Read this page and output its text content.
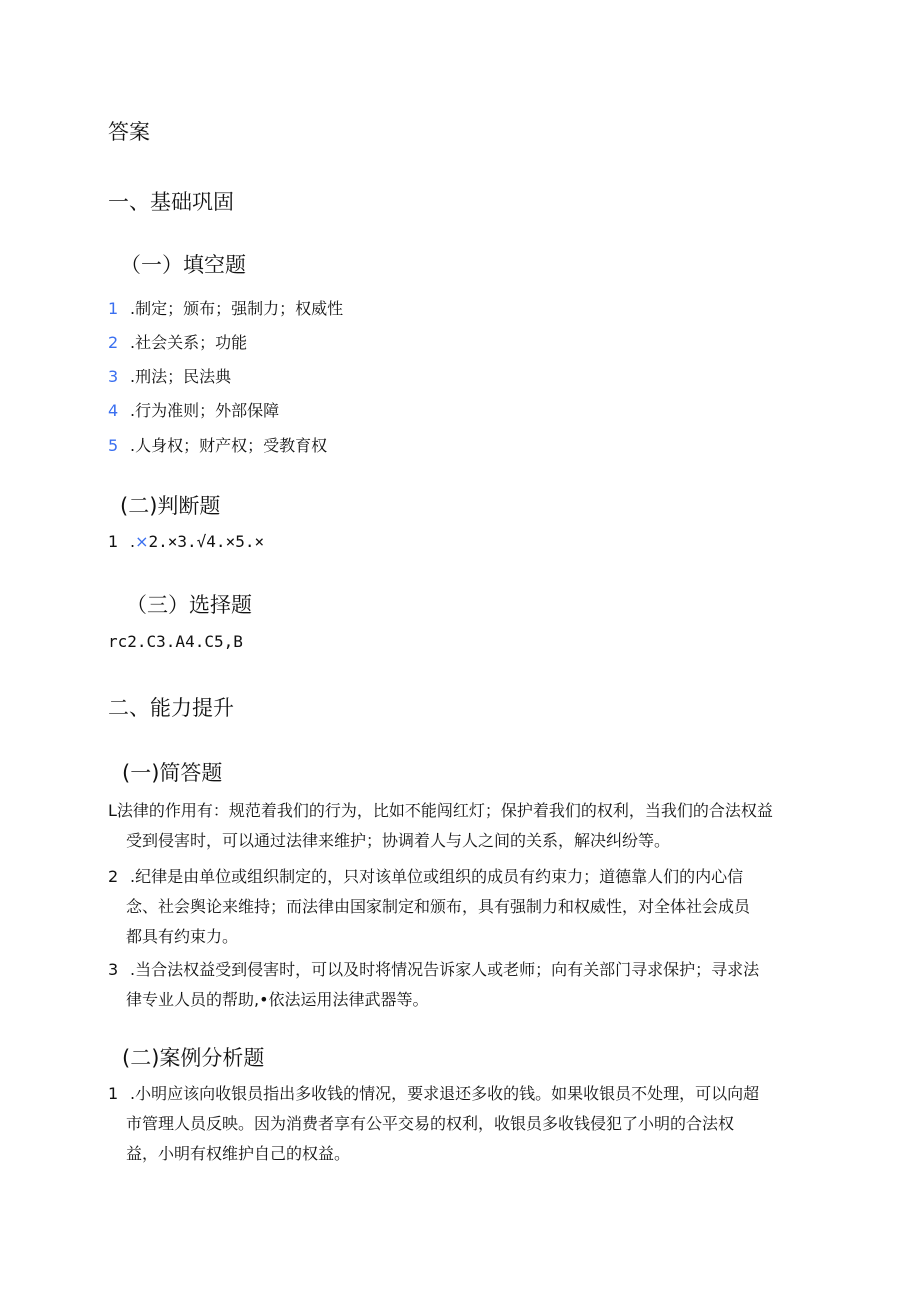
答案
一、基础巩固
（一）填空题
1 .制定；颁布；强制力；权威性
2 .社会关系；功能
3 .刑法；民法典
4 .行为准则；外部保障
5 .人身权；财产权；受教育权
(二)判断题
1 .×2.×3.√4.×5.×
（三）选择题
rc2.C3.A4.C5,B
二、能力提升
(一)简答题
L法律的作用有：规范着我们的行为，比如不能闯红灯；保护着我们的权利，当我们的合法权益
受到侵害时，可以通过法律来维护；协调着人与人之间的关系，解决纠纷等。
2 .纪律是由单位或组织制定的，只对该单位或组织的成员有约束力；道德靠人们的内心信
念、社会舆论来维持；而法律由国家制定和颁布，具有强制力和权威性，对全体社会成员
都具有约束力。
3 .当合法权益受到侵害时，可以及时将情况告诉家人或老师；向有关部门寻求保护；寻求法
律专业人员的帮助,•依法运用法律武器等。
(二)案例分析题
1 .小明应该向收银员指出多收钱的情况，要求退还多收的钱。如果收银员不处理，可以向超
市管理人员反映。因为消费者享有公平交易的权利，收银员多收钱侵犯了小明的合法权
益，小明有权维护自己的权益。
